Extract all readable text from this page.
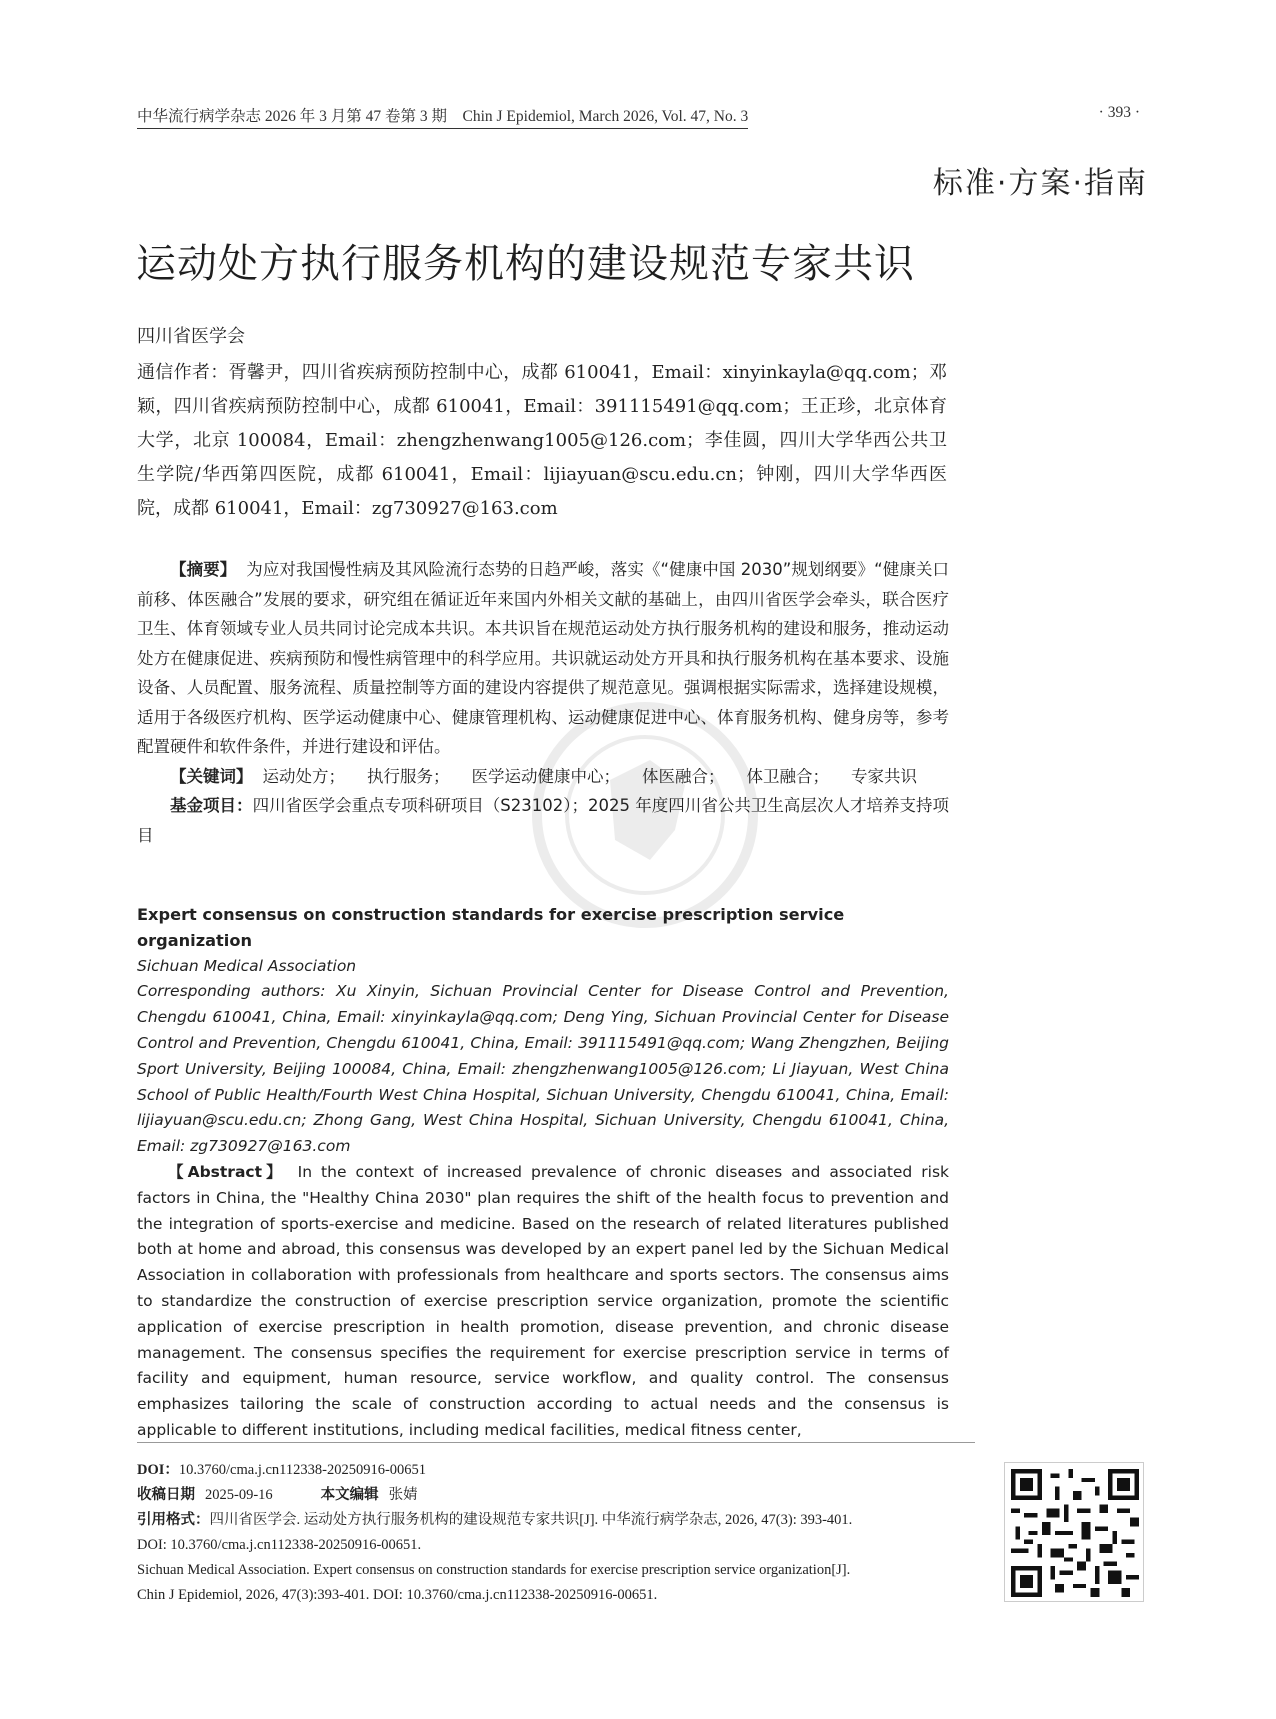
中华流行病学杂志 2026 年 3 月第 47 卷第 3 期　Chin J Epidemiol, March 2026, Vol. 47, No. 3	· 393 ·
标准·方案·指南
运动处方执行服务机构的建设规范专家共识
四川省医学会
通信作者：胥馨尹，四川省疾病预防控制中心，成都 610041，Email：xinyinkayla@qq.com；邓颖，四川省疾病预防控制中心，成都 610041，Email：391115491@qq.com；王正珍，北京体育大学，北京 100084，Email：zhengzhenwang1005@126.com；李佳圆，四川大学华西公共卫生学院/华西第四医院，成都 610041，Email：lijiayuan@scu.edu.cn；钟刚，四川大学华西医院，成都 610041，Email：zg730927@163.com

【摘要】 为应对我国慢性病及其风险流行态势的日趋严峻，落实《“健康中国 2030”规划纲要》“健康关口前移、体医融合”发展的要求，研究组在循证近年来国内外相关文献的基础上，由四川省医学会牵头，联合医疗卫生、体育领域专业人员共同讨论完成本共识。本共识旨在规范运动处方执行服务机构的建设和服务，推动运动处方在健康促进、疾病预防和慢性病管理中的科学应用。共识就运动处方开具和执行服务机构在基本要求、设施设备、人员配置、服务流程、质量控制等方面的建设内容提供了规范意见。强调根据实际需求，选择建设规模，适用于各级医疗机构、医学运动健康中心、健康管理机构、运动健康促进中心、体育服务机构、健身房等，参考配置硬件和软件条件，并进行建设和评估。

【关键词】 运动处方； 执行服务； 医学运动健康中心； 体医融合； 体卫融合； 专家共识

基金项目：四川省医学会重点专项科研项目（S23102）；2025 年度四川省公共卫生高层次人才培养支持项目

Expert consensus on construction standards for exercise prescription service organization
Sichuan Medical Association
Corresponding authors: Xu Xinyin, Sichuan Provincial Center for Disease Control and Prevention, Chengdu 610041, China, Email: xinyinkayla@qq.com; Deng Ying, Sichuan Provincial Center for Disease Control and Prevention, Chengdu 610041, China, Email: 391115491@qq.com; Wang Zhengzhen, Beijing Sport University, Beijing 100084, China, Email: zhengzhenwang1005@126.com; Li Jiayuan, West China School of Public Health/Fourth West China Hospital, Sichuan University, Chengdu 610041, China, Email: lijiayuan@scu.edu.cn; Zhong Gang, West China Hospital, Sichuan University, Chengdu 610041, China, Email: zg730927@163.com

【Abstract】 In the context of increased prevalence of chronic diseases and associated risk factors in China, the "Healthy China 2030" plan requires the shift of the health focus to prevention and the integration of sports-exercise and medicine. Based on the research of related literatures published both at home and abroad, this consensus was developed by an expert panel led by the Sichuan Medical Association in collaboration with professionals from healthcare and sports sectors. The consensus aims to standardize the construction of exercise prescription service organization, promote the scientific application of exercise prescription in health promotion, disease prevention, and chronic disease management. The consensus specifies the requirement for exercise prescription service in terms of facility and equipment, human resource, service workflow, and quality control. The consensus emphasizes tailoring the scale of construction according to actual needs and the consensus is applicable to different institutions, including medical facilities, medical fitness center,

DOI：10.3760/cma.j.cn112338-20250916-00651
收稿日期 2025-09-16	本文编辑 张婧
引用格式：四川省医学会. 运动处方执行服务机构的建设规范专家共识[J]. 中华流行病学杂志, 2026, 47(3): 393-401.
DOI: 10.3760/cma.j.cn112338-20250916-00651.
Sichuan Medical Association. Expert consensus on construction standards for exercise prescription service organization[J].
Chin J Epidemiol, 2026, 47(3):393-401. DOI: 10.3760/cma.j.cn112338-20250916-00651.
